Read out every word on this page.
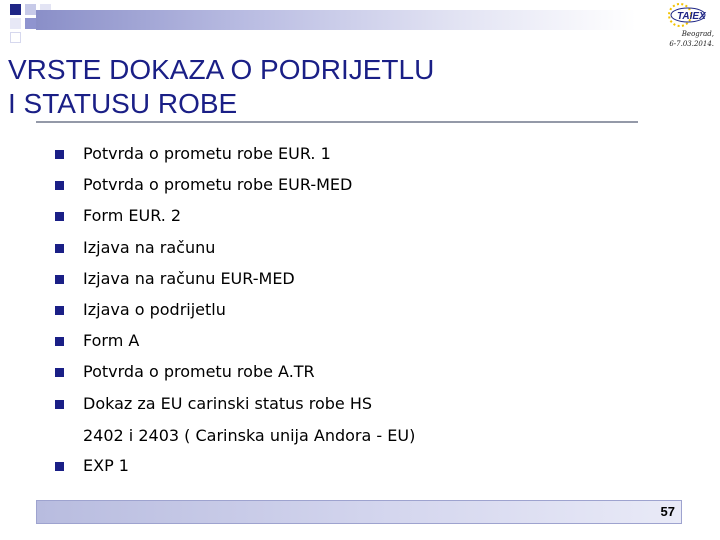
TAIEX
Beograd,
6-7.03.2014.
VRSTE DOKAZA O PODRIJETLU
I STATUSU ROBE
Potvrda o prometu robe EUR. 1
Potvrda o prometu robe EUR-MED
Form EUR. 2
Izjava na računu
Izjava na računu EUR-MED
Izjava o podrijetlu
Form A
Potvrda o prometu robe A.TR
Dokaz za EU carinski status robe HS
EXP 1
2402 i 2403 ( Carinska unija Andora - EU)
57
